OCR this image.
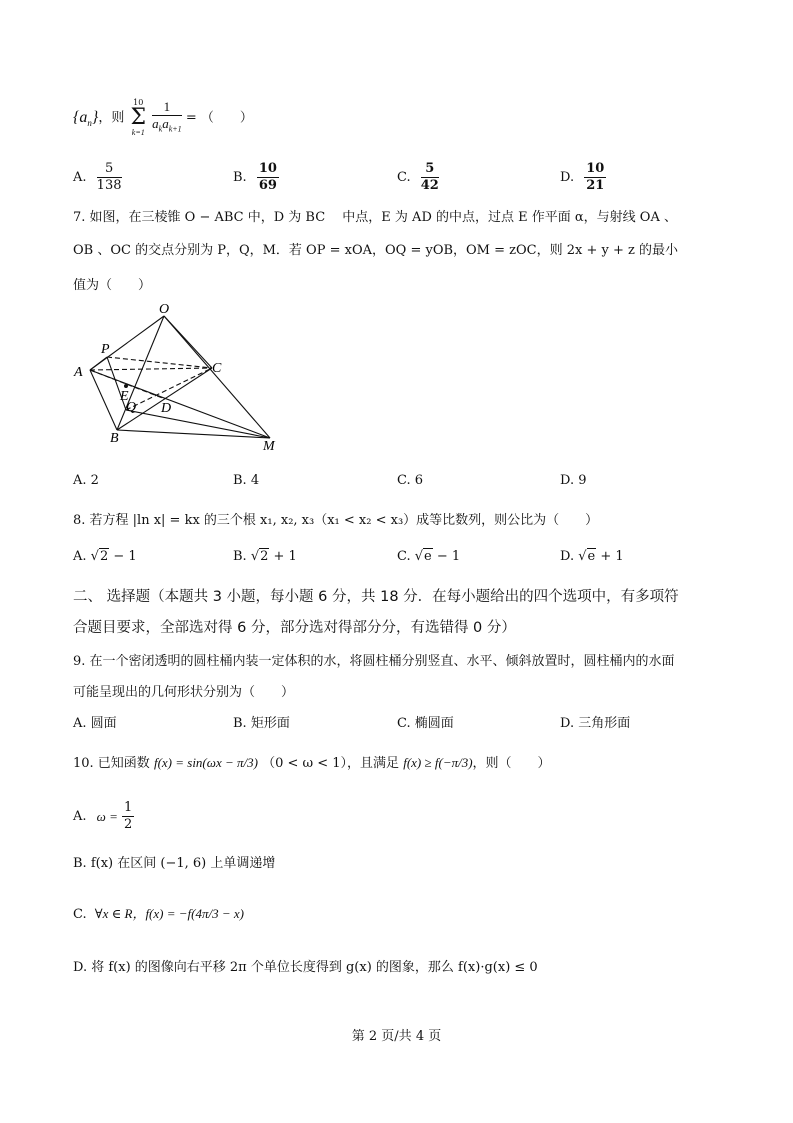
$\{a_n\}$，则
10
Σ
k=1
$\frac{1}{a_ka_{k+1}}$ = （　　）
A. $\frac{5}{138}$	B. $\frac{10}{69}$	C. $\frac{5}{42}$	D. $\frac{10}{21}$
7. 如图，在三棱锥 O − ABC 中，D 为 BC 　中点，E 为 AD 的中点，过点 E 作平面 α，与射线 OA 、
OB 、OC 的交点分别为 P，Q，M．若 OP = xOA，OQ = yOB，OM = zOC，则 2x + y + z 的最小
值为（　　）
O
P
A	C
E
Q D
B
M
A. 2	B. 4	C. 6	D. 9
8. 若方程 |ln x| = kx 的三个根 x₁, x₂, x₃（x₁ < x₂ < x₃）成等比数列，则公比为（　　）
A. √2 − 1	B. √2 + 1	C. √e − 1	D. √e + 1
二、 选择题（本题共 3 小题，每小题 6 分，共 18 分．在每小题给出的四个选项中，有多项符
合题目要求，全部选对得 6 分，部分选对得部分分，有选错得 0 分）
9. 在一个密闭透明的圆柱桶内装一定体积的水，将圆柱桶分别竖直、水平、倾斜放置时，圆柱桶内的水面
可能呈现出的几何形状分别为（　　）
A. 圆面	B. 矩形面	C. 椭圆面	D. 三角形面
10. 已知函数 f(x) = sin(ωx − π/3) （0 < ω < 1），且满足 f(x) ≥ f(−π/3)，则（　　）
A. $\omega = \frac{1}{2}$
B. f(x) 在区间 (−1, 6) 上单调递增
C. ∀x ∈ R，f(x) = −f(4π/3 − x)
D. 将 f(x) 的图像向右平移 2π 个单位长度得到 g(x) 的图象，那么 f(x)·g(x) ≤ 0
第 2 页/共 4 页
